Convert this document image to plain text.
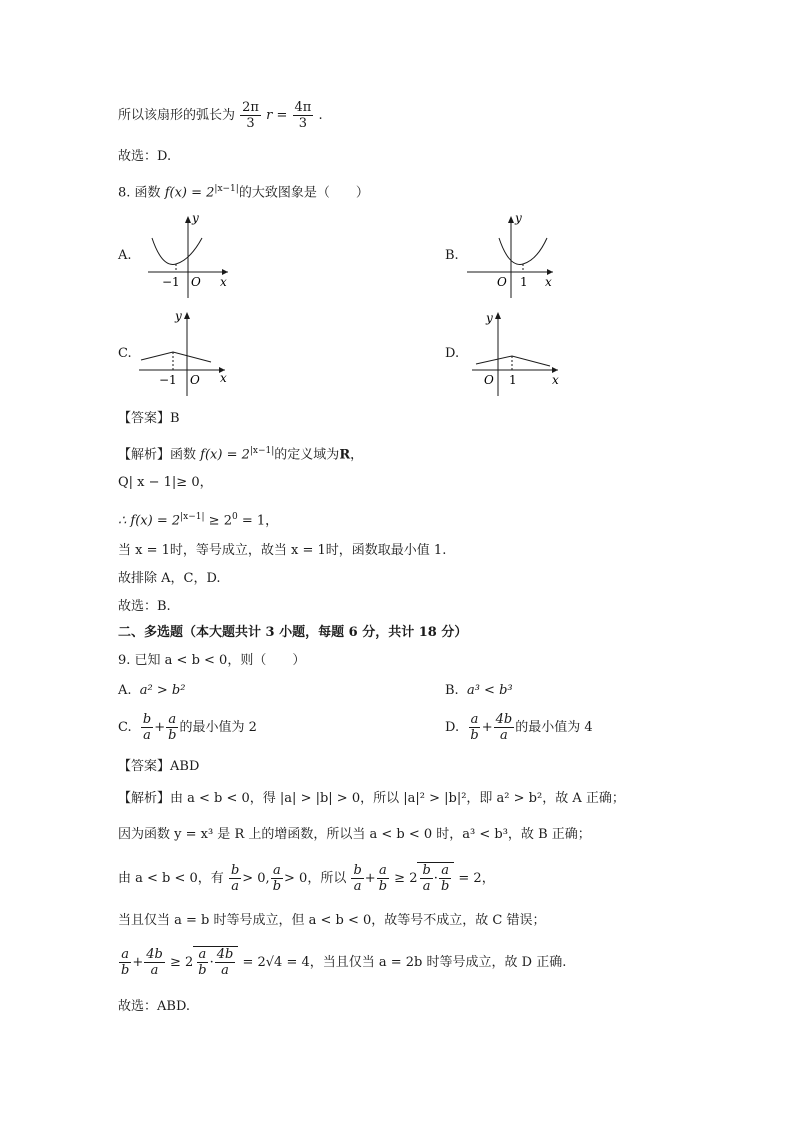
所以该扇形的弧长为 $\frac{2\pi}{3}$ $r = \frac{4\pi}{3}$ .
故选：D.
8. 函数 $f(x) = 2^{|x-1|}$的大致图象是（　　）
A.	B.
C.	D.
y
x
O
−1
y
x
O 1
y
x
O
−1
y
x
O 1
【答案】B
【解析】函数 $f(x) = 2^{|x-1|}$的定义域为R，
Q| x − 1|≥ 0，
∴ $f(x) = 2^{|x-1|} \ge 2^0 = 1$，
当 x = 1时，等号成立，故当 x = 1时，函数取最小值 1.
故排除 A，C，D.
故选：B.
二、多选题（本大题共计 3 小题，每题 6 分，共计 18 分）
9. 已知 a < b < 0，则（　　）
A. a² > b²	B. a³ < b³
C. $\frac{b}{a} + \frac{a}{b}$ 的最小值为 2	D. $\frac{a}{b} + \frac{4b}{a}$ 的最小值为 4
【答案】ABD
【解析】由 a < b < 0，得 |a| > |b| > 0，所以 |a|² > |b|²，即 a² > b²，故 A 正确；
因为函数 y = x³ 是 R 上的增函数，所以当 a < b < 0 时，a³ < b³，故 B 正确；
由 a < b < 0，有 $\frac{b}{a} > 0$, $\frac{a}{b} > 0$，所以 $\frac{b}{a} + \frac{a}{b} \ge 2 \frac{b}{a} \cdot \frac{a}{b} = 2$，
当且仅当 a = b 时等号成立，但 a < b < 0，故等号不成立，故 C 错误；
$\frac{a}{b} + \frac{4b}{a} \ge 2 \frac{a}{b} \cdot \frac{4b}{a} = 2√4 = 4$，当且仅当 a = 2b 时等号成立，故 D 正确.
故选：ABD.
